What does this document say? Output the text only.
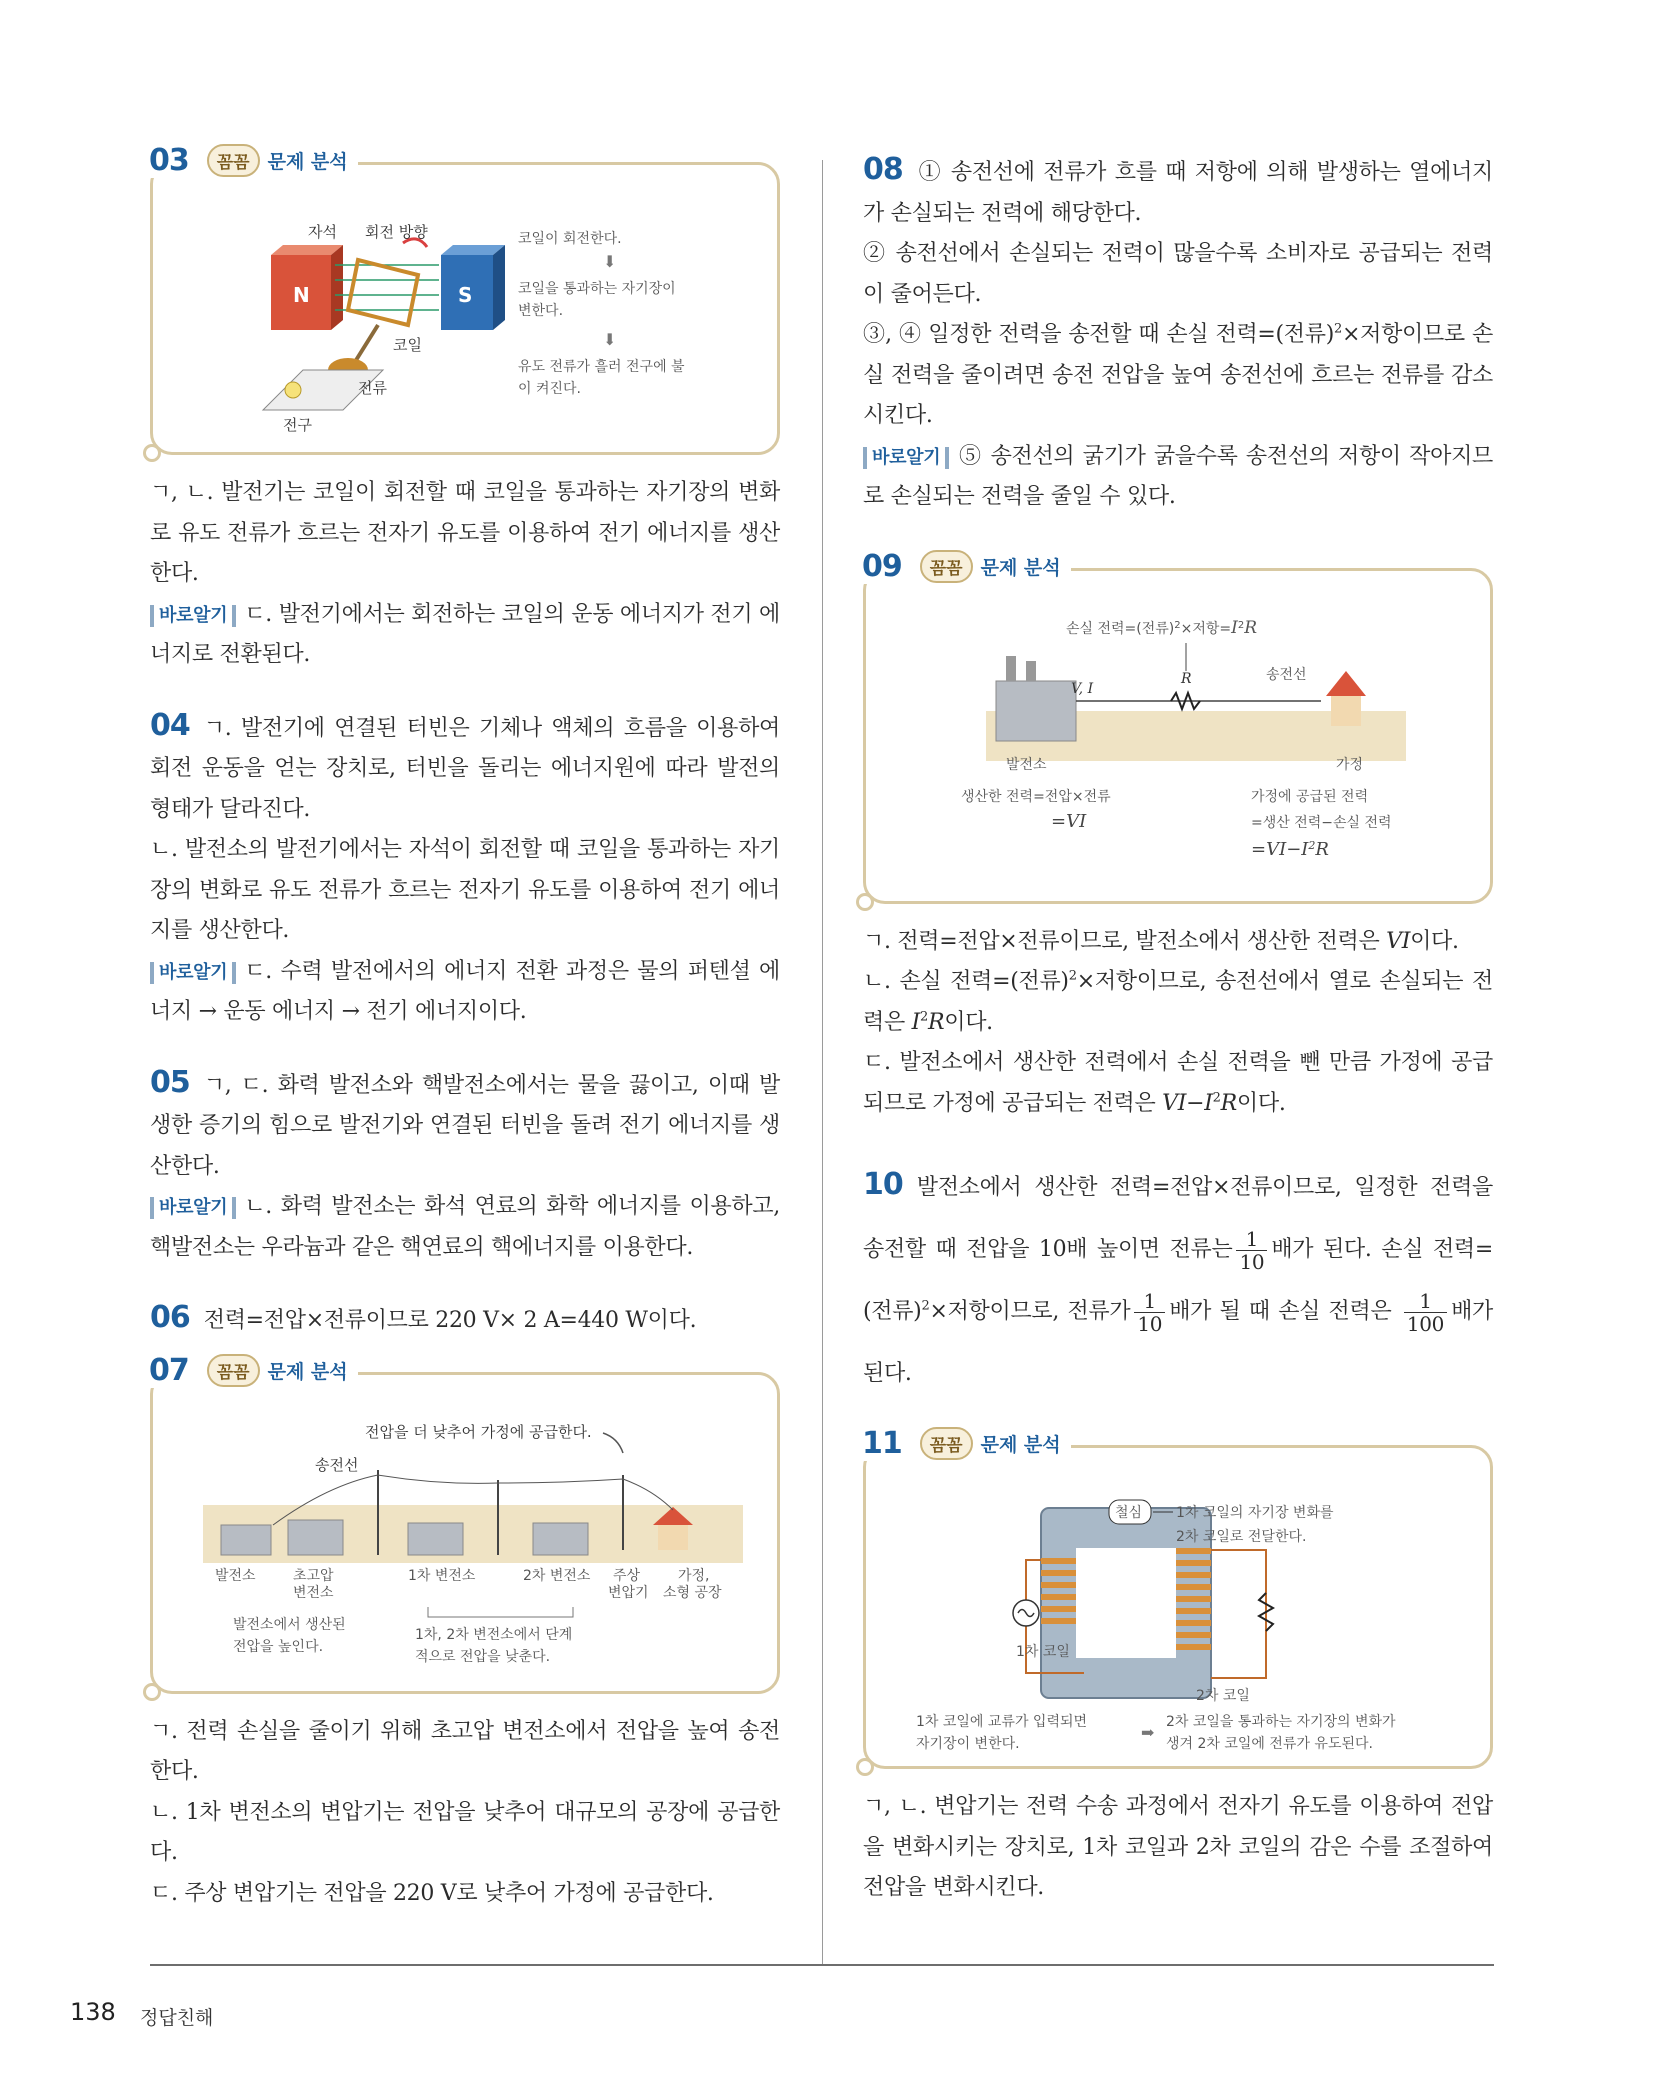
03	꼼꼼 문제 분석
자석 회전 방향
N	S
코일
전류
전구
코일이 회전한다.
⬇
코일을 통과하는 자기장이
변한다.
⬇
유도 전류가 흘러 전구에 불
이 켜진다.

ㄱ, ㄴ. 발전기는 코일이 회전할 때 코일을 통과하는 자기장의 변화로 유도 전류가 흐르는 전자기 유도를 이용하여 전기 에너지를 생산한다.

바로알기 ㄷ. 발전기에서는 회전하는 코일의 운동 에너지가 전기 에너지로 전환된다.

04 ㄱ. 발전기에 연결된 터빈은 기체나 액체의 흐름을 이용하여 회전 운동을 얻는 장치로, 터빈을 돌리는 에너지원에 따라 발전의 형태가 달라진다.

ㄴ. 발전소의 발전기에서는 자석이 회전할 때 코일을 통과하는 자기장의 변화로 유도 전류가 흐르는 전자기 유도를 이용하여 전기 에너지를 생산한다.

바로알기 ㄷ. 수력 발전에서의 에너지 전환 과정은 물의 퍼텐셜 에너지 → 운동 에너지 → 전기 에너지이다.

05 ㄱ, ㄷ. 화력 발전소와 핵발전소에서는 물을 끓이고, 이때 발생한 증기의 힘으로 발전기와 연결된 터빈을 돌려 전기 에너지를 생산한다.

바로알기 ㄴ. 화력 발전소는 화석 연료의 화학 에너지를 이용하고, 핵발전소는 우라늄과 같은 핵연료의 핵에너지를 이용한다.

06 전력=전압×전류이므로 220 V× 2 A=440 W이다.

07	꼼꼼 문제 분석
전압을 더 낮추어 가정에 공급한다.
송전선
발전소	초고압
변전소
1차 변전소	2차 변전소 주상
변압기
가정,
소형 공장
발전소에서 생산된
전압을 높인다.
1차, 2차 변전소에서 단계
적으로 전압을 낮춘다.

ㄱ. 전력 손실을 줄이기 위해 초고압 변전소에서 전압을 높여 송전한다.

ㄴ. 1차 변전소의 변압기는 전압을 낮추어 대규모의 공장에 공급한다.

ㄷ. 주상 변압기는 전압을 220 V로 낮추어 가정에 공급한다.

08 ① 송전선에 전류가 흐를 때 저항에 의해 발생하는 열에너지가 손실되는 전력에 해당한다.

② 송전선에서 손실되는 전력이 많을수록 소비자로 공급되는 전력이 줄어든다.

③, ④ 일정한 전력을 송전할 때 손실 전력=(전류)$^2$×저항이므로 손실 전력을 줄이려면 송전 전압을 높여 송전선에 흐르는 전류를 감소시킨다.

바로알기 ⑤ 송전선의 굵기가 굵을수록 송전선의 저항이 작아지므로 손실되는 전력을 줄일 수 있다.

09	꼼꼼 문제 분석
손실 전력=(전류)$^2$×저항$=I^2R$
V, I
R	송전선
발전소	가정
생산한 전력=전압×전류
=VI
가정에 공급된 전력
=생산 전력−손실 전력
$=VI-I^2R$

ㄱ. 전력=전압×전류이므로, 발전소에서 생산한 전력은 VI이다.

ㄴ. 손실 전력=(전류)$^2$×저항이므로, 송전선에서 열로 손실되는 전력은 $I^2R$이다.

ㄷ. 발전소에서 생산한 전력에서 손실 전력을 뺀 만큼 가정에 공급되므로 가정에 공급되는 전력은 $VI-I^2R$이다.

10 발전소에서 생산한 전력=전압×전류이므로, 일정한 전력을 송전할 때 전압을 10배 높이면 전류는 $\frac{1}{10}$ 배가 된다. 손실 전력=(전류)$^2$×저항이므로, 전류가 $\frac{1}{10}$ 배가 될 때 손실 전력은 $\frac{1}{100}$ 배가 된다.

11	꼼꼼 문제 분석
철심 1차 코일의 자기장 변화를
2차 코일로 전달한다.
1차 코일
2차 코일
1차 코일에 교류가 입력되면
자기장이 변한다.
➡
2차 코일을 통과하는 자기장의 변화가
생겨 2차 코일에 전류가 유도된다.

ㄱ, ㄴ. 변압기는 전력 수송 과정에서 전자기 유도를 이용하여 전압을 변화시키는 장치로, 1차 코일과 2차 코일의 감은 수를 조절하여 전압을 변화시킨다.

138 정답친해
